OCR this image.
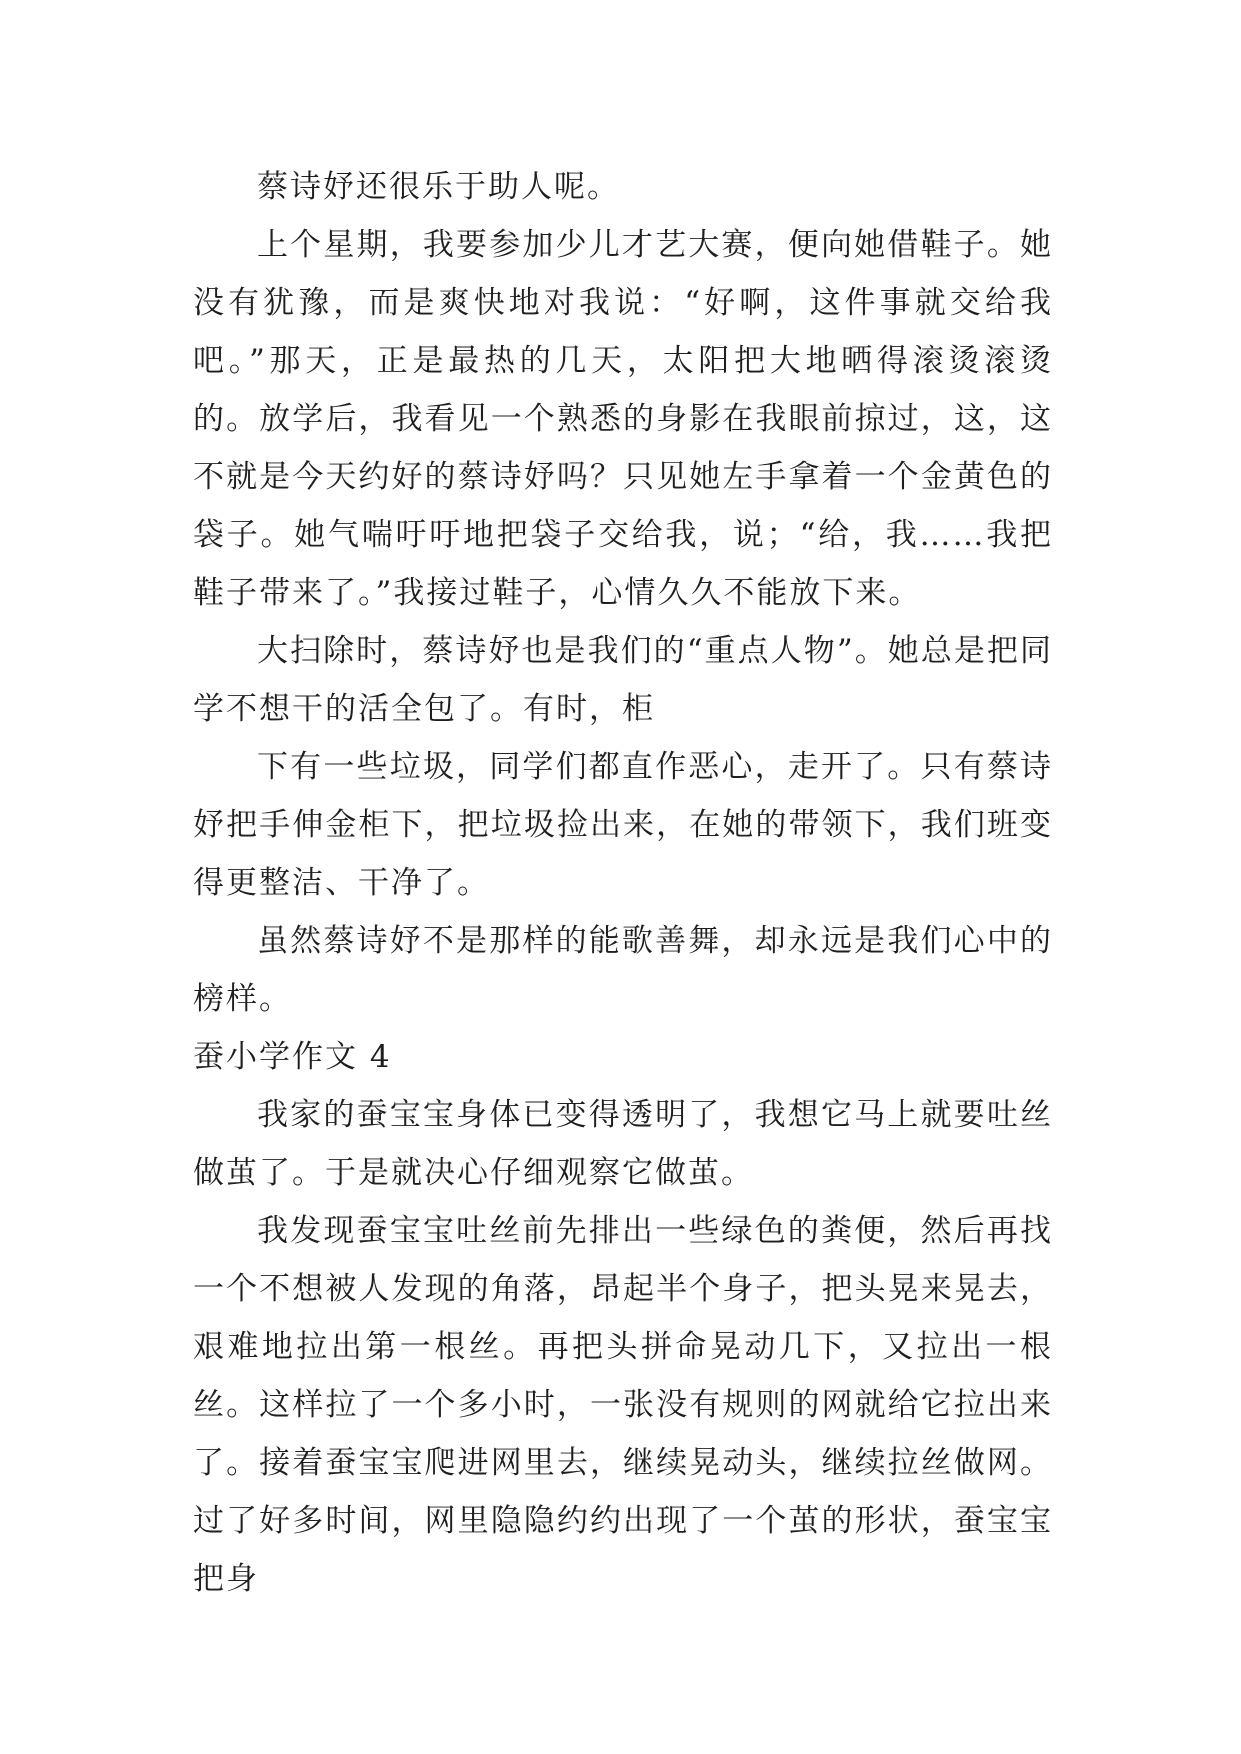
蔡诗妤还很乐于助人呢。

上个星期，我要参加少儿才艺大赛，便向她借鞋子。她没有犹豫，而是爽快地对我说：“好啊，这件事就交给我吧。”那天，正是最热的几天，太阳把大地晒得滚烫滚烫的。放学后，我看见一个熟悉的身影在我眼前掠过，这，这不就是今天约好的蔡诗妤吗？只见她左手拿着一个金黄色的袋子。她气喘吁吁地把袋子交给我，说；“给，我……我把鞋子带来了。”我接过鞋子，心情久久不能放下来。

大扫除时，蔡诗妤也是我们的“重点人物”。她总是把同学不想干的活全包了。有时，柜

下有一些垃圾，同学们都直作恶心，走开了。只有蔡诗妤把手伸金柜下，把垃圾捡出来，在她的带领下，我们班变得更整洁、干净了。

虽然蔡诗妤不是那样的能歌善舞，却永远是我们心中的榜样。

蚕小学作文 4

我家的蚕宝宝身体已变得透明了，我想它马上就要吐丝做茧了。于是就决心仔细观察它做茧。

我发现蚕宝宝吐丝前先排出一些绿色的粪便，然后再找一个不想被人发现的角落，昂起半个身子，把头晃来晃去，艰难地拉出第一根丝。再把头拼命晃动几下，又拉出一根丝。这样拉了一个多小时，一张没有规则的网就给它拉出来了。接着蚕宝宝爬进网里去，继续晃动头，继续拉丝做网。过了好多时间，网里隐隐约约出现了一个茧的形状，蚕宝宝把身
